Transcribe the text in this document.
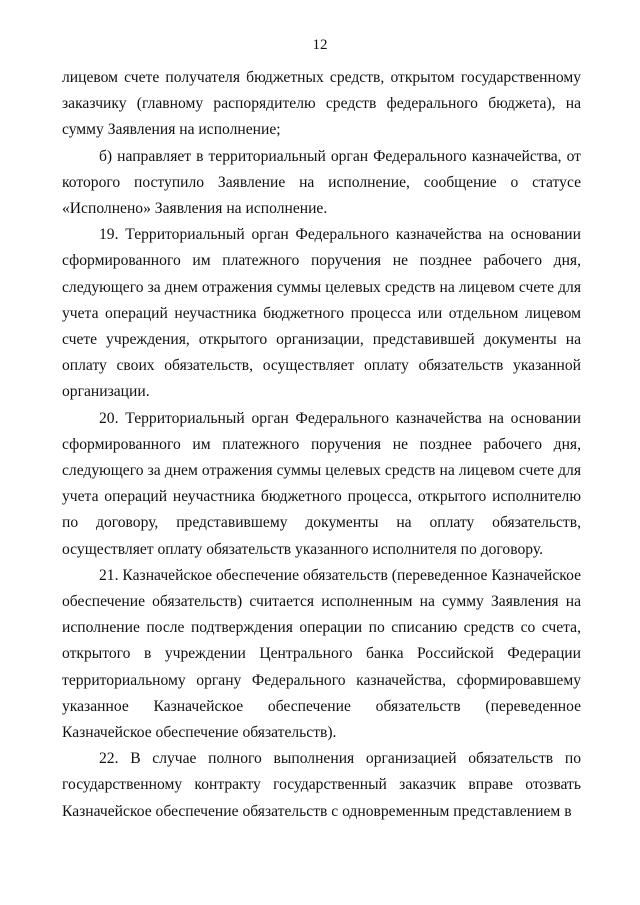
12

лицевом счете получателя бюджетных средств, открытом государственному заказчику (главному распорядителю средств федерального бюджета), на сумму Заявления на исполнение;

б) направляет в территориальный орган Федерального казначейства, от которого поступило Заявление на исполнение, сообщение о статусе «Исполнено» Заявления на исполнение.

19. Территориальный орган Федерального казначейства на основании сформированного им платежного поручения не позднее рабочего дня, следующего за днем отражения суммы целевых средств на лицевом счете для учета операций неучастника бюджетного процесса или отдельном лицевом счете учреждения, открытого организации, представившей документы на оплату своих обязательств, осуществляет оплату обязательств указанной организации.

20. Территориальный орган Федерального казначейства на основании сформированного им платежного поручения не позднее рабочего дня, следующего за днем отражения суммы целевых средств на лицевом счете для учета операций неучастника бюджетного процесса, открытого исполнителю по договору, представившему документы на оплату обязательств, осуществляет оплату обязательств указанного исполнителя по договору.

21. Казначейское обеспечение обязательств (переведенное Казначейское обеспечение обязательств) считается исполненным на сумму Заявления на исполнение после подтверждения операции по списанию средств со счета, открытого в учреждении Центрального банка Российской Федерации территориальному органу Федерального казначейства, сформировавшему указанное Казначейское обеспечение обязательств (переведенное Казначейское обеспечение обязательств).

22. В случае полного выполнения организацией обязательств по государственному контракту государственный заказчик вправе отозвать Казначейское обеспечение обязательств с одновременным представлением в
